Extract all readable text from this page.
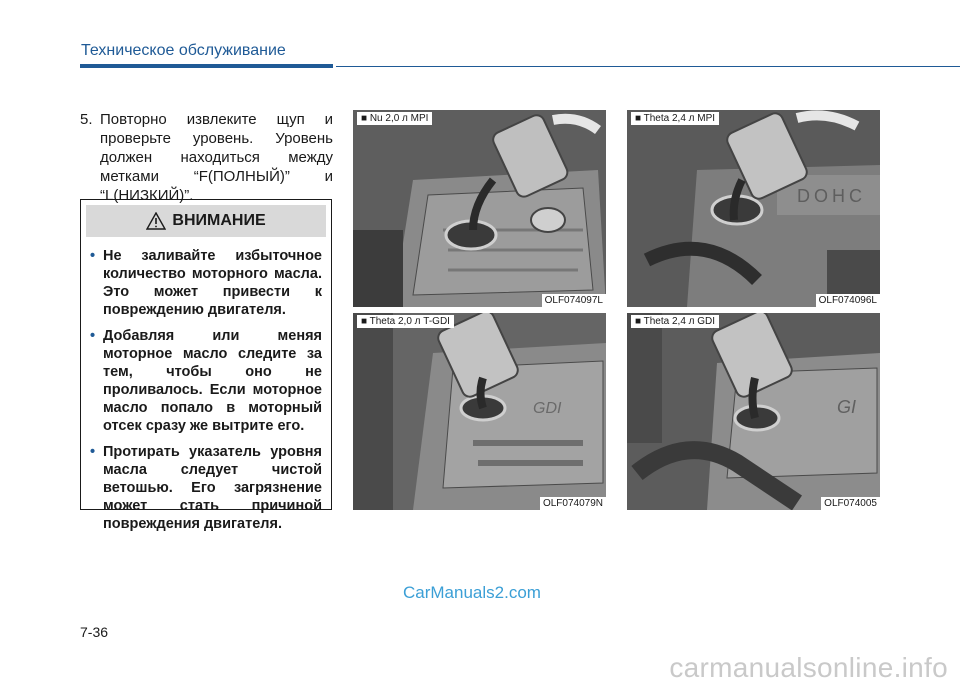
Техническое обслуживание
5. Повторно извлеките щуп и проверьте уровень. Уровень должен находиться между метками “F(ПОЛНЫЙ)” и “L(НИЗКИЙ)”.
ВНИМАНИЕ
• Не заливайте избыточное количество моторного масла. Это может привести к повреждению двигателя.
• Добавляя или меняя моторное масло следите за тем, чтобы оно не проливалось. Если моторное масло попало в моторный отсек сразу же вытрите его.
• Протирать указатель уровня масла следует чистой ветошью. Его загрязнение может стать причиной повреждения двигателя.
■ Nu 2,0 л MPI
OLF074097L
DOHC
■ Theta 2,4 л MPI
OLF074096L
GDI
■ Theta 2,0 л T-GDI
OLF074079N
GI
■ Theta 2,4 л GDI
OLF074005
CarManuals2.com
7-36
carmanualsonline.info
